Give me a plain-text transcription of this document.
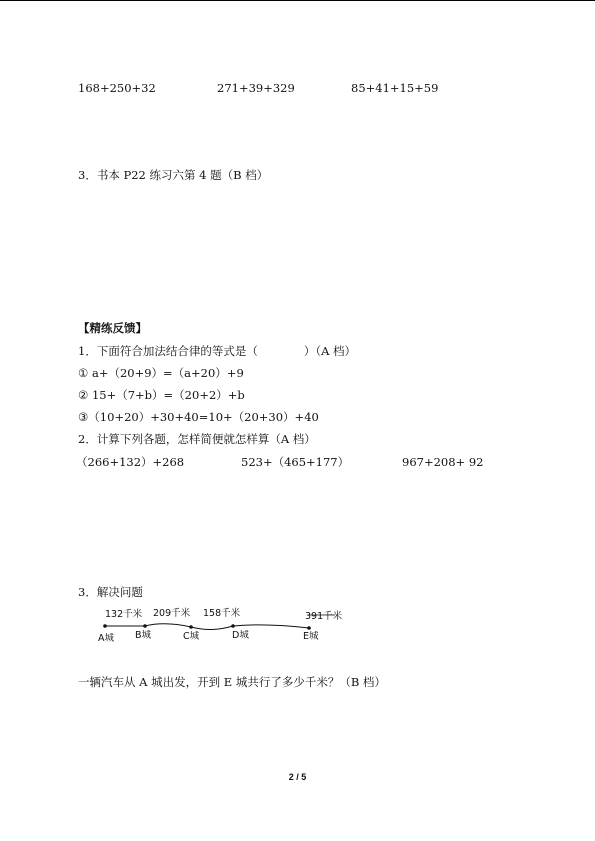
168+250+32	271+39+329	85+41+15+59
3．书本 P22 练习六第 4 题（B 档）
【精练反馈】
1．下面符合加法结合律的等式是（　　　　）（A 档）
① a+（20+9）=（a+20）+9
② 15+（7+b）=（20+2）+b
③（10+20）+30+40=10+（20+30）+40
2．计算下列各题，怎样简便就怎样算（A 档）
（266+132）+268	523+（465+177）	967+208+ 92
3．解决问题
132千米 209千米 158千米	391千米
A城 B城	C城	D城	E城
一辆汽车从 A 城出发，开到 E 城共行了多少千米？（B 档）
2 / 5
